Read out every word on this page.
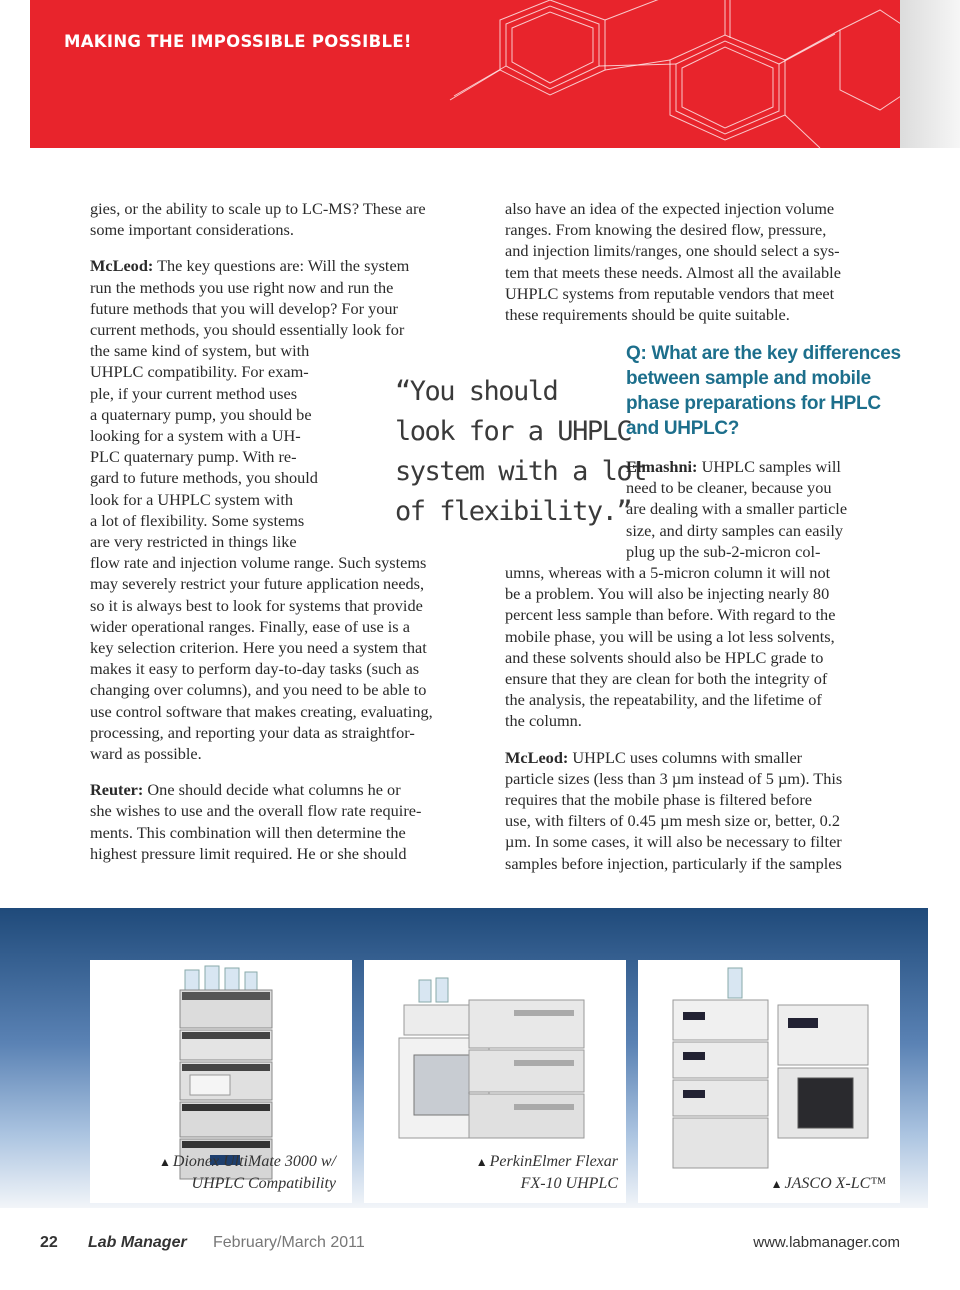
MAKING THE IMPOSSIBLE POSSIBLE!

gies, or the ability to scale up to LC-MS? These are
some important considerations.

McLeod: The key questions are: Will the system
run the methods you use right now and run the
future methods that you will develop? For your
current methods, you should essentially look for
the same kind of system, but with
UHPLC compatibility. For exam-
ple, if your current method uses
a quaternary pump, you should be
looking for a system with a UH-
PLC quaternary pump. With re-
gard to future methods, you should
look for a UHPLC system with
a lot of flexibility. Some systems
are very restricted in things like
flow rate and injection volume range. Such systems
may severely restrict your future application needs,
so it is always best to look for systems that provide
wider operational ranges. Finally, ease of use is a
key selection criterion. Here you need a system that
makes it easy to perform day-to-day tasks (such as
changing over columns), and you need to be able to
use control software that makes creating, evaluating,
processing, and reporting your data as straightfor-
ward as possible.

Reuter: One should decide what columns he or
she wishes to use and the overall flow rate require-
ments. This combination will then determine the
highest pressure limit required. He or she should

“You should
look for a UHPLC
system with a lot
of flexibility.”

also have an idea of the expected injection volume
ranges. From knowing the desired flow, pressure,
and injection limits/ranges, one should select a sys-
tem that meets these needs. Almost all the available
UHPLC systems from reputable vendors that meet
these requirements should be quite suitable.

Q: What are the key differences
between sample and mobile
phase preparations for HPLC
and UHPLC?
Elmashni: UHPLC samples will
need to be cleaner, because you
are dealing with a smaller particle
size, and dirty samples can easily
plug up the sub-2-micron col-

umns, whereas with a 5-micron column it will not
be a problem. You will also be injecting nearly 80
percent less sample than before. With regard to the
mobile phase, you will be using a lot less solvents,
and these solvents should also be HPLC grade to
ensure that they are clean for both the integrity of
the analysis, the repeatability, and the lifetime of
the column.

McLeod: UHPLC uses columns with smaller
particle sizes (less than 3 µm instead of 5 µm). This
requires that the mobile phase is filtered before
use, with filters of 0.45 µm mesh size or, better, 0.2
µm. In some cases, it will also be necessary to filter
samples before injection, particularly if the samples

▲ Dionex UltiMate 3000 w/
UHPLC Compatibility
▲ PerkinElmer Flexar
FX-10 UHPLC	▲ JASCO X-LC™
22 Lab Manager February/March 2011	www.labmanager.com
